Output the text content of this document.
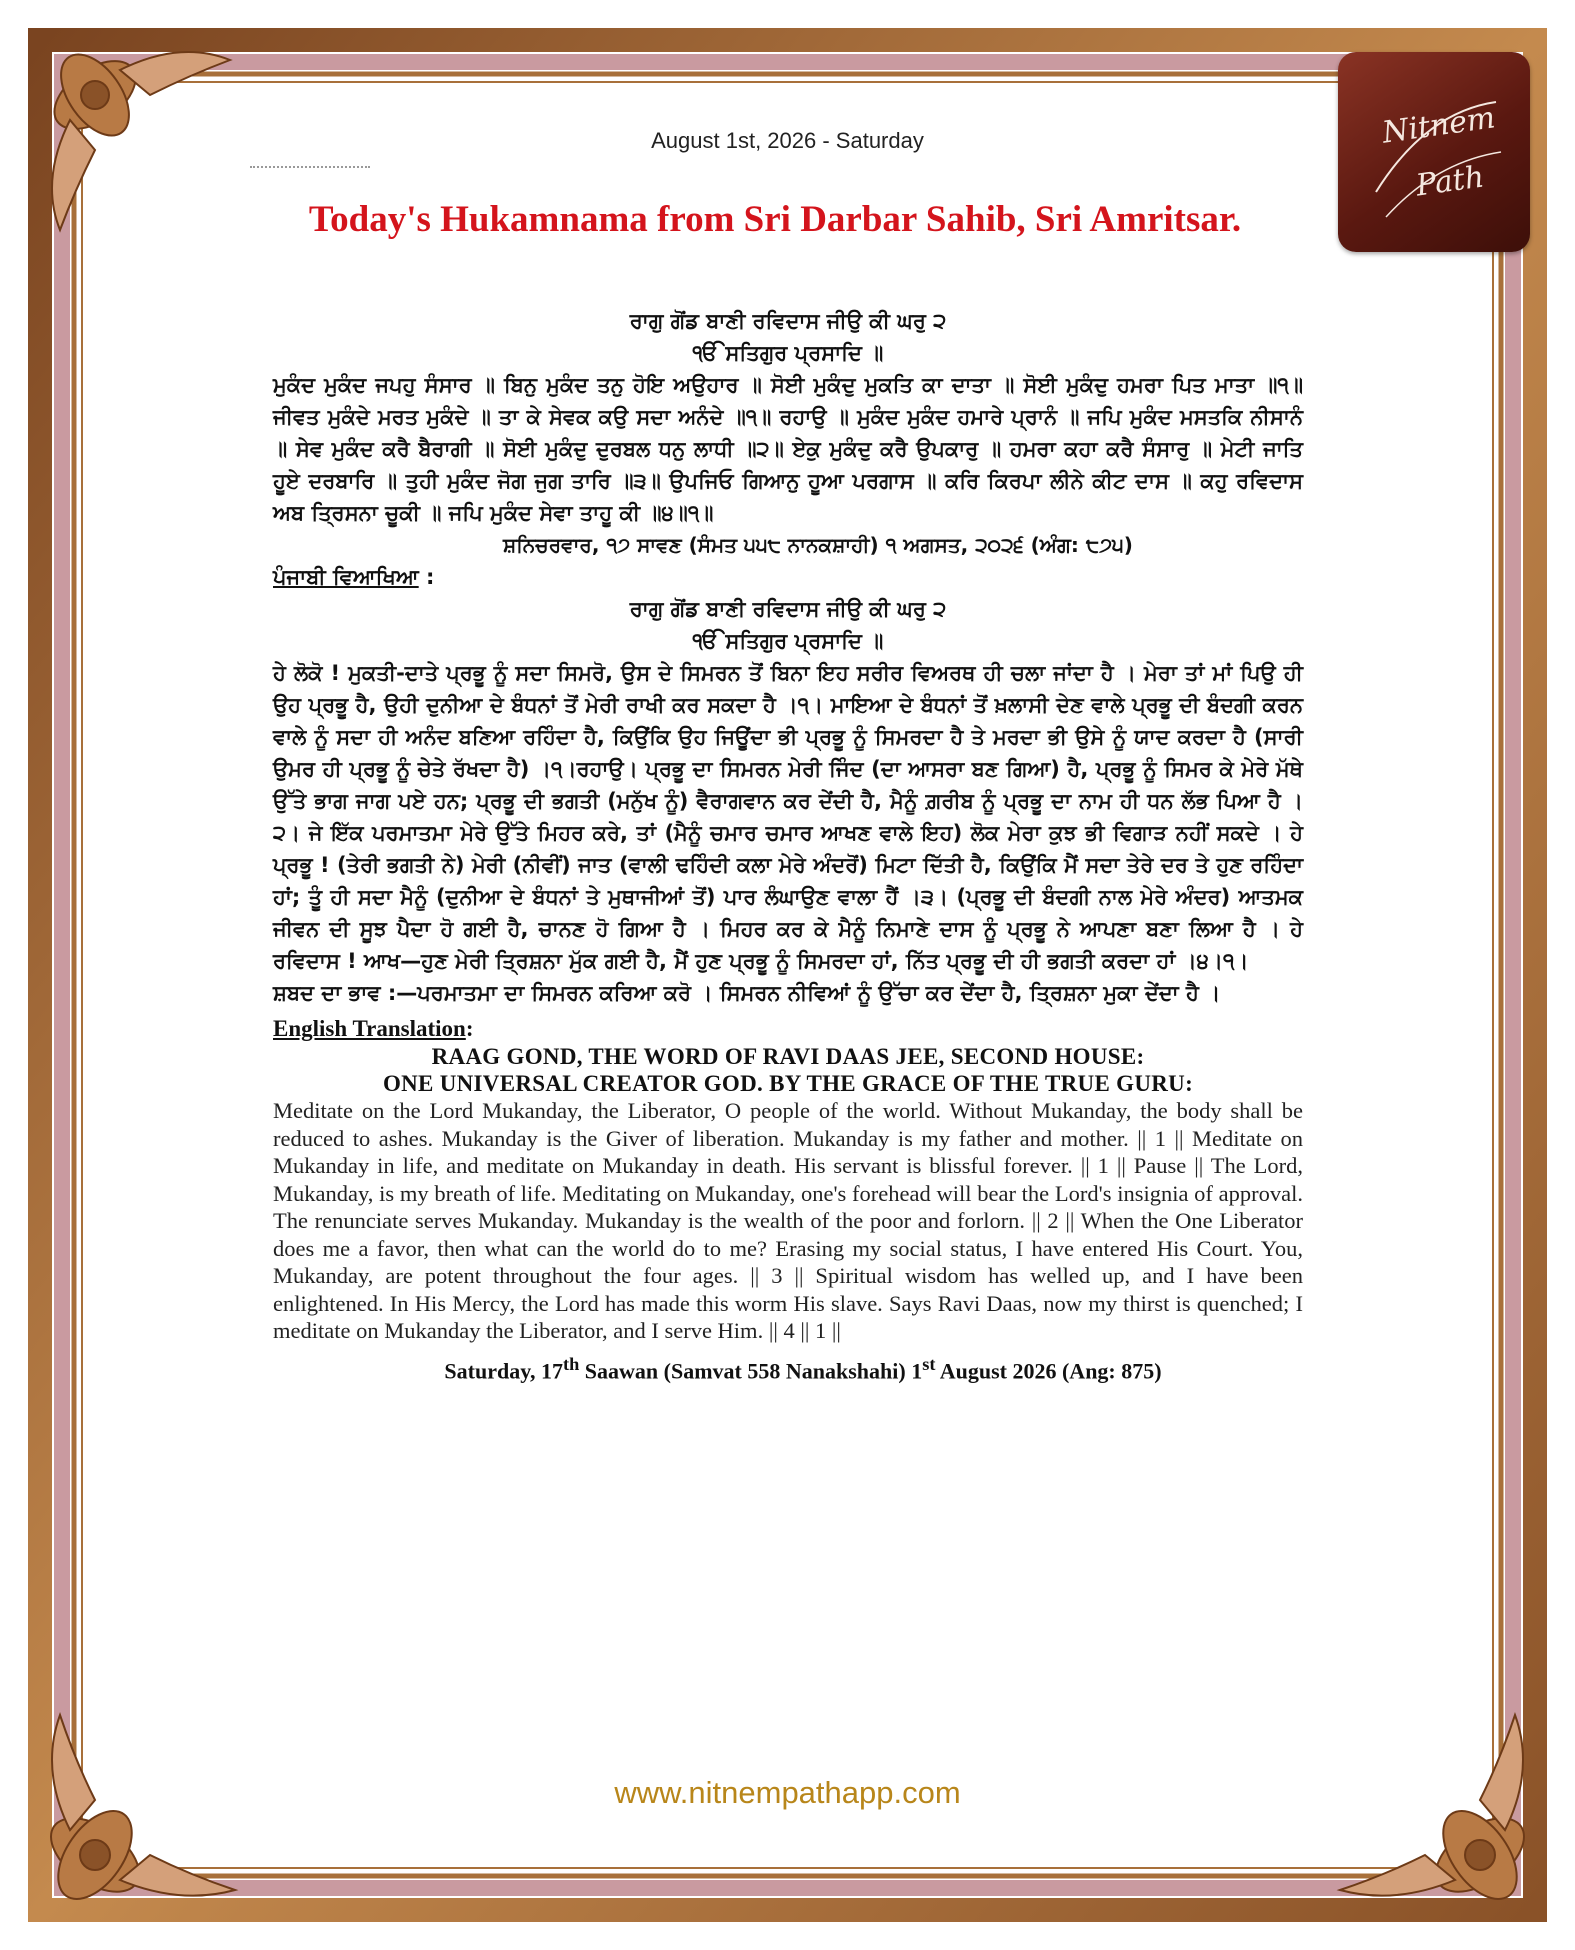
Nitnem
Path
August 1st, 2026 - Saturday
Today's Hukamnama from Sri Darbar Sahib, Sri Amritsar.

ਰਾਗੁ ਗੋਂਡ ਬਾਣੀ ਰਵਿਦਾਸ ਜੀਉ ਕੀ ਘਰੁ ੨

ੴ ਸਤਿਗੁਰ ਪ੍ਰਸਾਦਿ ॥

ਮੁਕੰਦ ਮੁਕੰਦ ਜਪਹੁ ਸੰਸਾਰ ॥ ਬਿਨੁ ਮੁਕੰਦ ਤਨੁ ਹੋਇ ਅਉਹਾਰ ॥ ਸੋਈ ਮੁਕੰਦੁ ਮੁਕਤਿ ਕਾ ਦਾਤਾ ॥ ਸੋਈ ਮੁਕੰਦੁ ਹਮਰਾ ਪਿਤ ਮਾਤਾ ॥੧॥ ਜੀਵਤ ਮੁਕੰਦੇ ਮਰਤ ਮੁਕੰਦੇ ॥ ਤਾ ਕੇ ਸੇਵਕ ਕਉ ਸਦਾ ਅਨੰਦੇ ॥੧॥ ਰਹਾਉ ॥ ਮੁਕੰਦ ਮੁਕੰਦ ਹਮਾਰੇ ਪ੍ਰਾਨੰ ॥ ਜਪਿ ਮੁਕੰਦ ਮਸਤਕਿ ਨੀਸਾਨੰ ॥ ਸੇਵ ਮੁਕੰਦ ਕਰੈ ਬੈਰਾਗੀ ॥ ਸੋਈ ਮੁਕੰਦੁ ਦੁਰਬਲ ਧਨੁ ਲਾਧੀ ॥੨॥ ਏਕੁ ਮੁਕੰਦੁ ਕਰੈ ਉਪਕਾਰੁ ॥ ਹਮਰਾ ਕਹਾ ਕਰੈ ਸੰਸਾਰੁ ॥ ਮੇਟੀ ਜਾਤਿ ਹੂਏ ਦਰਬਾਰਿ ॥ ਤੁਹੀ ਮੁਕੰਦ ਜੋਗ ਜੁਗ ਤਾਰਿ ॥੩॥ ਉਪਜਿਓ ਗਿਆਨੁ ਹੂਆ ਪਰਗਾਸ ॥ ਕਰਿ ਕਿਰਪਾ ਲੀਨੇ ਕੀਟ ਦਾਸ ॥ ਕਹੁ ਰਵਿਦਾਸ ਅਬ ਤ੍ਰਿਸਨਾ ਚੂਕੀ ॥ ਜਪਿ ਮੁਕੰਦ ਸੇਵਾ ਤਾਹੂ ਕੀ ॥੪॥੧॥

ਸ਼ਨਿਚਰਵਾਰ, ੧੭ ਸਾਵਣ (ਸੰਮਤ ੫੫੮ ਨਾਨਕਸ਼ਾਹੀ) ੧ ਅਗਸਤ, ੨੦੨੬ (ਅੰਗ: ੮੭੫)

ਪੰਜਾਬੀ ਵਿਆਖਿਆ :

ਰਾਗੁ ਗੋਂਡ ਬਾਣੀ ਰਵਿਦਾਸ ਜੀਉ ਕੀ ਘਰੁ ੨

ੴ ਸਤਿਗੁਰ ਪ੍ਰਸਾਦਿ ॥

ਹੇ ਲੋਕੋ ! ਮੁਕਤੀ-ਦਾਤੇ ਪ੍ਰਭੂ ਨੂੰ ਸਦਾ ਸਿਮਰੋ, ਉਸ ਦੇ ਸਿਮਰਨ ਤੋਂ ਬਿਨਾ ਇਹ ਸਰੀਰ ਵਿਅਰਥ ਹੀ ਚਲਾ ਜਾਂਦਾ ਹੈ । ਮੇਰਾ ਤਾਂ ਮਾਂ ਪਿਉ ਹੀ ਉਹ ਪ੍ਰਭੂ ਹੈ, ਉਹੀ ਦੁਨੀਆ ਦੇ ਬੰਧਨਾਂ ਤੋਂ ਮੇਰੀ ਰਾਖੀ ਕਰ ਸਕਦਾ ਹੈ ।੧। ਮਾਇਆ ਦੇ ਬੰਧਨਾਂ ਤੋਂ ਖ਼ਲਾਸੀ ਦੇਣ ਵਾਲੇ ਪ੍ਰਭੂ ਦੀ ਬੰਦਗੀ ਕਰਨ ਵਾਲੇ ਨੂੰ ਸਦਾ ਹੀ ਅਨੰਦ ਬਣਿਆ ਰਹਿੰਦਾ ਹੈ, ਕਿਉਂਕਿ ਉਹ ਜਿਊਂਦਾ ਭੀ ਪ੍ਰਭੂ ਨੂੰ ਸਿਮਰਦਾ ਹੈ ਤੇ ਮਰਦਾ ਭੀ ਉਸੇ ਨੂੰ ਯਾਦ ਕਰਦਾ ਹੈ (ਸਾਰੀ ਉਮਰ ਹੀ ਪ੍ਰਭੂ ਨੂੰ ਚੇਤੇ ਰੱਖਦਾ ਹੈ) ।੧।ਰਹਾਉ। ਪ੍ਰਭੂ ਦਾ ਸਿਮਰਨ ਮੇਰੀ ਜਿੰਦ (ਦਾ ਆਸਰਾ ਬਣ ਗਿਆ) ਹੈ, ਪ੍ਰਭੂ ਨੂੰ ਸਿਮਰ ਕੇ ਮੇਰੇ ਮੱਥੇ ਉੱਤੇ ਭਾਗ ਜਾਗ ਪਏ ਹਨ; ਪ੍ਰਭੂ ਦੀ ਭਗਤੀ (ਮਨੁੱਖ ਨੂੰ) ਵੈਰਾਗਵਾਨ ਕਰ ਦੇਂਦੀ ਹੈ, ਮੈਨੂੰ ਗ਼ਰੀਬ ਨੂੰ ਪ੍ਰਭੂ ਦਾ ਨਾਮ ਹੀ ਧਨ ਲੱਭ ਪਿਆ ਹੈ ।੨। ਜੇ ਇੱਕ ਪਰਮਾਤਮਾ ਮੇਰੇ ਉੱਤੇ ਮਿਹਰ ਕਰੇ, ਤਾਂ (ਮੈਨੂੰ ਚਮਾਰ ਚਮਾਰ ਆਖਣ ਵਾਲੇ ਇਹ) ਲੋਕ ਮੇਰਾ ਕੁਝ ਭੀ ਵਿਗਾੜ ਨਹੀਂ ਸਕਦੇ । ਹੇ ਪ੍ਰਭੂ ! (ਤੇਰੀ ਭਗਤੀ ਨੇ) ਮੇਰੀ (ਨੀਵੀਂ) ਜਾਤ (ਵਾਲੀ ਢਹਿੰਦੀ ਕਲਾ ਮੇਰੇ ਅੰਦਰੋਂ) ਮਿਟਾ ਦਿੱਤੀ ਹੈ, ਕਿਉਂਕਿ ਮੈਂ ਸਦਾ ਤੇਰੇ ਦਰ ਤੇ ਹੁਣ ਰਹਿੰਦਾ ਹਾਂ; ਤੂੰ ਹੀ ਸਦਾ ਮੈਨੂੰ (ਦੁਨੀਆ ਦੇ ਬੰਧਨਾਂ ਤੇ ਮੁਥਾਜੀਆਂ ਤੋਂ) ਪਾਰ ਲੰਘਾਉਣ ਵਾਲਾ ਹੈਂ ।੩। (ਪ੍ਰਭੂ ਦੀ ਬੰਦਗੀ ਨਾਲ ਮੇਰੇ ਅੰਦਰ) ਆਤਮਕ ਜੀਵਨ ਦੀ ਸੂਝ ਪੈਦਾ ਹੋ ਗਈ ਹੈ, ਚਾਨਣ ਹੋ ਗਿਆ ਹੈ । ਮਿਹਰ ਕਰ ਕੇ ਮੈਨੂੰ ਨਿਮਾਣੇ ਦਾਸ ਨੂੰ ਪ੍ਰਭੂ ਨੇ ਆਪਣਾ ਬਣਾ ਲਿਆ ਹੈ । ਹੇ ਰਵਿਦਾਸ ! ਆਖ—ਹੁਣ ਮੇਰੀ ਤ੍ਰਿਸ਼ਨਾ ਮੁੱਕ ਗਈ ਹੈ, ਮੈਂ ਹੁਣ ਪ੍ਰਭੂ ਨੂੰ ਸਿਮਰਦਾ ਹਾਂ, ਨਿੱਤ ਪ੍ਰਭੂ ਦੀ ਹੀ ਭਗਤੀ ਕਰਦਾ ਹਾਂ ।੪।੧।

ਸ਼ਬਦ ਦਾ ਭਾਵ :—ਪਰਮਾਤਮਾ ਦਾ ਸਿਮਰਨ ਕਰਿਆ ਕਰੋ । ਸਿਮਰਨ ਨੀਵਿਆਂ ਨੂੰ ਉੱਚਾ ਕਰ ਦੇਂਦਾ ਹੈ, ਤ੍ਰਿਸ਼ਨਾ ਮੁਕਾ ਦੇਂਦਾ ਹੈ ।

English Translation:

RAAG GOND, THE WORD OF RAVI DAAS JEE, SECOND HOUSE:

ONE UNIVERSAL CREATOR GOD. BY THE GRACE OF THE TRUE GURU:

Meditate on the Lord Mukanday, the Liberator, O people of the world. Without Mukanday, the body shall be reduced to ashes. Mukanday is the Giver of liberation. Mukanday is my father and mother. || 1 || Meditate on Mukanday in life, and meditate on Mukanday in death. His servant is blissful forever. || 1 || Pause || The Lord, Mukanday, is my breath of life. Meditating on Mukanday, one's forehead will bear the Lord's insignia of approval. The renunciate serves Mukanday. Mukanday is the wealth of the poor and forlorn. || 2 || When the One Liberator does me a favor, then what can the world do to me? Erasing my social status, I have entered His Court. You, Mukanday, are potent throughout the four ages. || 3 || Spiritual wisdom has welled up, and I have been enlightened. In His Mercy, the Lord has made this worm His slave. Says Ravi Daas, now my thirst is quenched; I meditate on Mukanday the Liberator, and I serve Him. || 4 || 1 ||

Saturday, 17th Saawan (Samvat 558 Nanakshahi) 1st August 2026 (Ang: 875)

www.nitnempathapp.com
